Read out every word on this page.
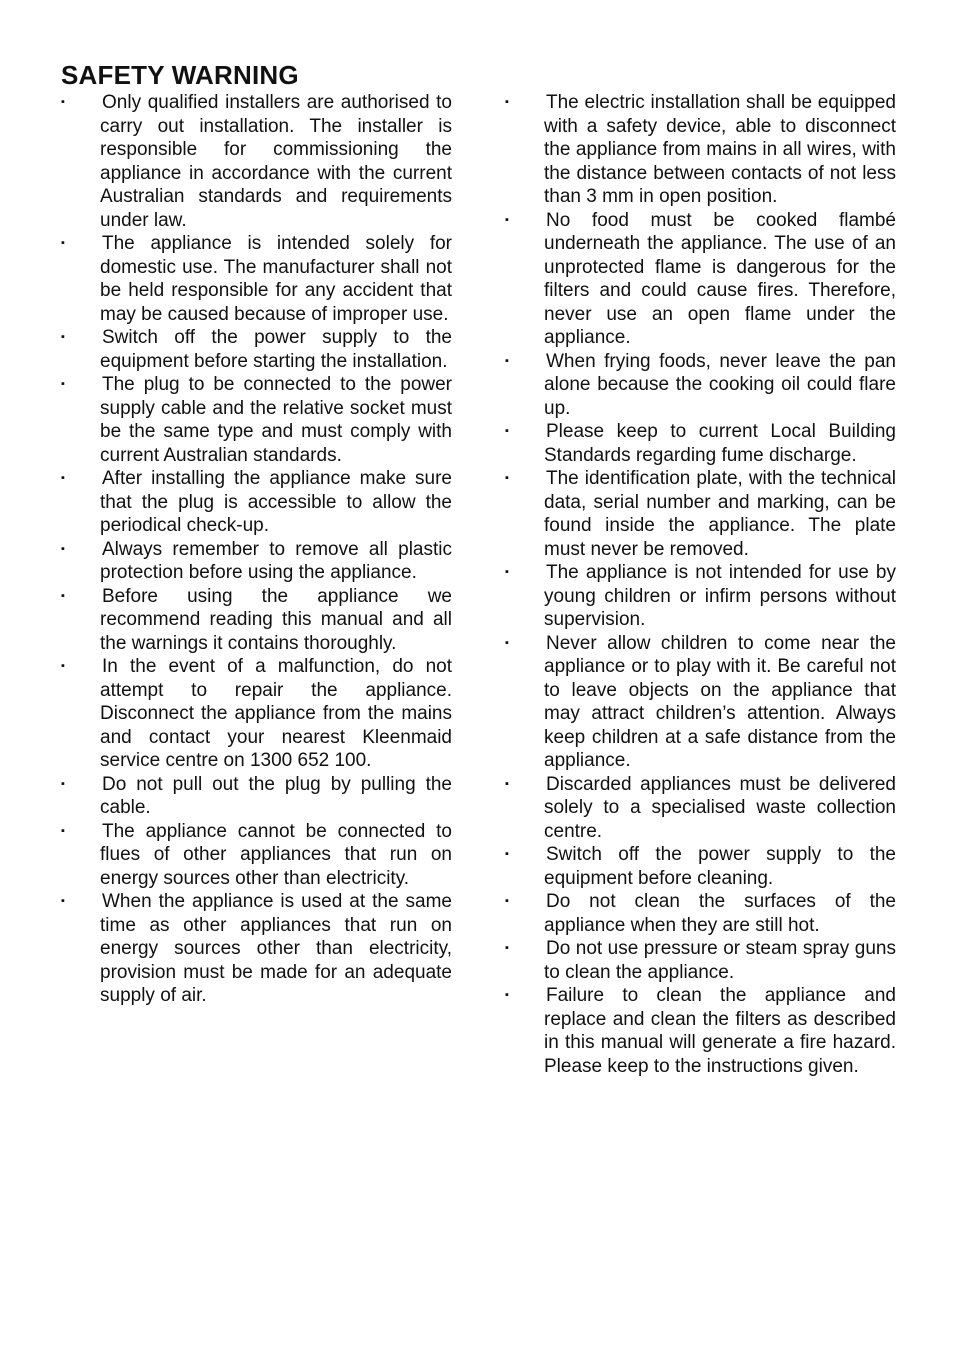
SAFETY WARNING
▪ Only qualified installers are authorised to carry out installation. The installer is responsible for commissioning the appliance in accordance with the current Australian standards and requirements under law.
▪ The appliance is intended solely for domestic use. The manufacturer shall not be held responsible for any accident that may be caused because of improper use.
▪ Switch off the power supply to the equipment before starting the installation.
▪ The plug to be connected to the power supply cable and the relative socket must be the same type and must comply with current Australian standards.
▪ After installing the appliance make sure that the plug is accessible to allow the periodical check-up.
▪ Always remember to remove all plastic protection before using the appliance.
▪ Before using the appliance we recommend reading this manual and all the warnings it contains thoroughly.
▪ In the event of a malfunction, do not attempt to repair the appliance. Disconnect the appliance from the mains and contact your nearest Kleenmaid service centre on 1300 652 100.
▪ Do not pull out the plug by pulling the cable.
▪ The appliance cannot be connected to flues of other appliances that run on energy sources other than electricity.
▪ When the appliance is used at the same time as other appliances that run on energy sources other than electricity, provision must be made for an adequate supply of air.
▪ The electric installation shall be equipped with a safety device, able to disconnect the appliance from mains in all wires, with the distance between contacts of not less than 3 mm in open position.
▪ No food must be cooked flambé underneath the appliance. The use of an unprotected flame is dangerous for the filters and could cause fires. Therefore, never use an open flame under the appliance.
▪ When frying foods, never leave the pan alone because the cooking oil could flare up.
▪ Please keep to current Local Building Standards regarding fume discharge.
▪ The identification plate, with the technical data, serial number and marking, can be found inside the appliance. The plate must never be removed.
▪ The appliance is not intended for use by young children or infirm persons without supervision.
▪ Never allow children to come near the appliance or to play with it. Be careful not to leave objects on the appliance that may attract children’s attention. Always keep children at a safe distance from the appliance.
▪ Discarded appliances must be delivered solely to a specialised waste collection centre.
▪ Switch off the power supply to the equipment before cleaning.
▪ Do not clean the surfaces of the appliance when they are still hot.
▪ Do not use pressure or steam spray guns to clean the appliance.
▪ Failure to clean the appliance and replace and clean the filters as described in this manual will generate a fire hazard. Please keep to the instructions given.
